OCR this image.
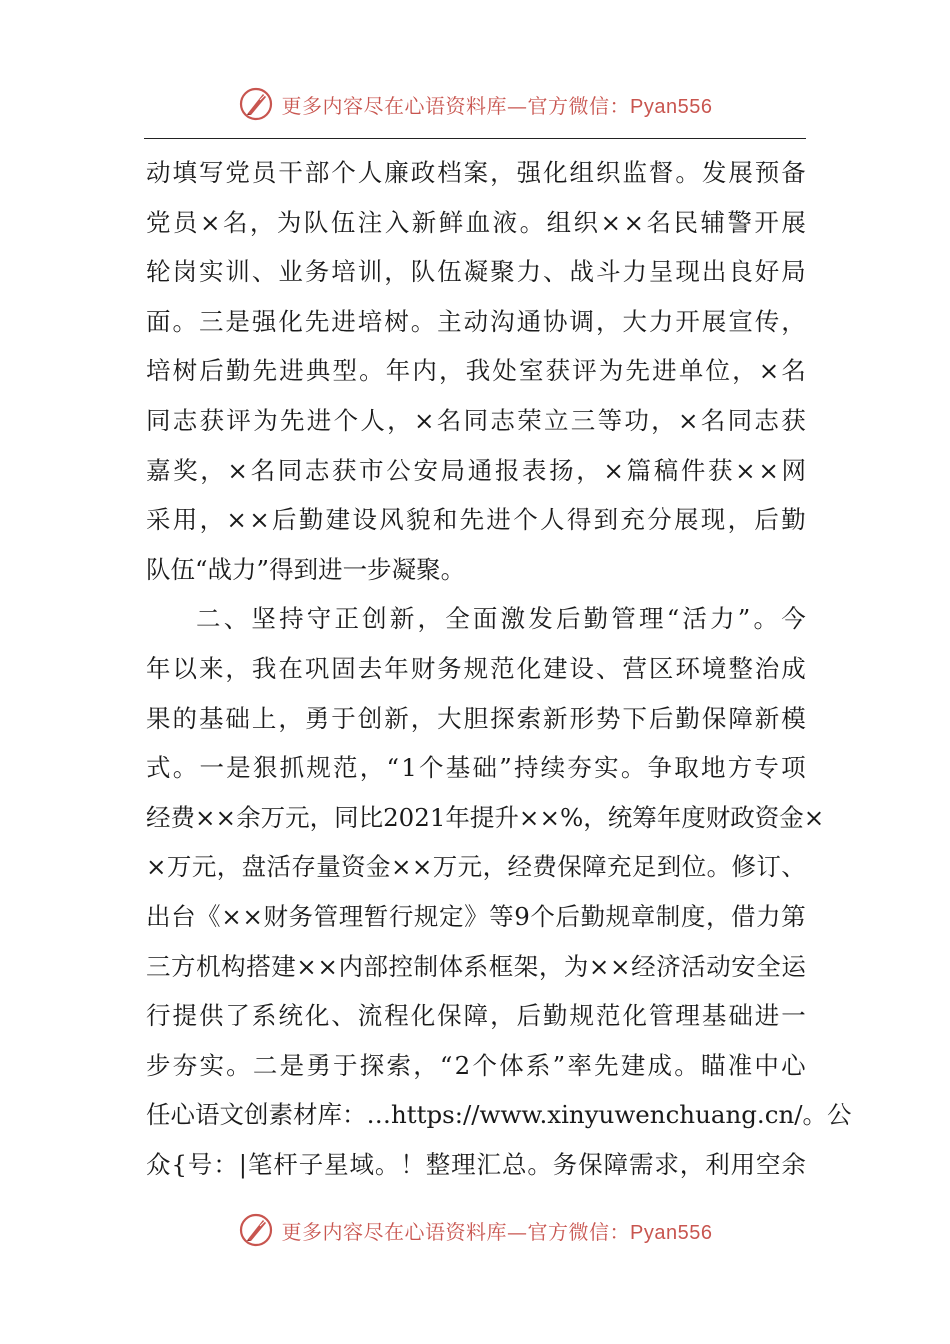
更多内容尽在心语资料库—官方微信：Pyan556
动 填 写 党 员 干 部 个 人 廉 政 档 案 ， 强 化 组 织 监 督 。 发 展 预 备
党 员 × 名 ， 为 队 伍 注 入 新 鲜 血 液 。 组 织 × × 名 民 辅 警 开 展
轮 岗 实 训 、 业 务 培 训 ， 队 伍 凝 聚 力 、 战 斗 力 呈 现 出 良 好 局
面 。 三 是 强 化 先 进 培 树 。 主 动 沟 通 协 调 ， 大 力 开 展 宣 传 ，
培 树 后 勤 先 进 典 型 。 年 内 ， 我 处 室 获 评 为 先 进 单 位 ， × 名
同 志 获 评 为 先 进 个 人 ， × 名 同 志 荣 立 三 等 功 ， × 名 同 志 获
嘉 奖 ， × 名 同 志 获 市 公 安 局 通 报 表 扬 ， × 篇 稿 件 获 × × 网
采 用 ， × × 后 勤 建 设 风 貌 和 先 进 个 人 得 到 充 分 展 现 ， 后 勤
队 伍 “ 战 力 ” 得 到 进 一 步 凝 聚 。
二 、 坚 持 守 正 创 新 ， 全 面 激 发 后 勤 管 理 “ 活 力 ” 。 今
年 以 来 ， 我 在 巩 固 去 年 财 务 规 范 化 建 设 、 营 区 环 境 整 治 成
果 的 基 础 上 ， 勇 于 创 新 ， 大 胆 探 索 新 形 势 下 后 勤 保 障 新 模
式 。 一 是 狠 抓 规 范 ， “ 1 个 基 础 ” 持 续 夯 实 。 争 取 地 方 专 项
经 费 × × 余 万 元 ， 同 比 2021 年 提 升 × × % ， 统 筹 年 度 财 政 资 金 ×
× 万 元 ， 盘 活 存 量 资 金 × × 万 元 ， 经 费 保 障 充 足 到 位 。 修 订 、
出 台 《 × × 财 务 管 理 暂 行 规 定 》 等 9 个 后 勤 规 章 制 度 ， 借 力 第
三 方 机 构 搭 建 × × 内 部 控 制 体 系 框 架 ， 为 × × 经 济 活 动 安 全 运
行 提 供 了 系 统 化 、 流 程 化 保 障 ， 后 勤 规 范 化 管 理 基 础 进 一
步 夯 实 。 二 是 勇 于 探 索 ， “ 2 个 体 系 ” 率 先 建 成 。 瞄 准 中 心
任 心 语 文 创 素 材 库 ： … https://www.xinyuwenchuang.cn/ 。 公
众 { 号 ： | 笔 杆 子 星 域 。 ！ 整 理 汇 总 。 务 保 障 需 求 ， 利 用 空 余
更多内容尽在心语资料库—官方微信：Pyan556
